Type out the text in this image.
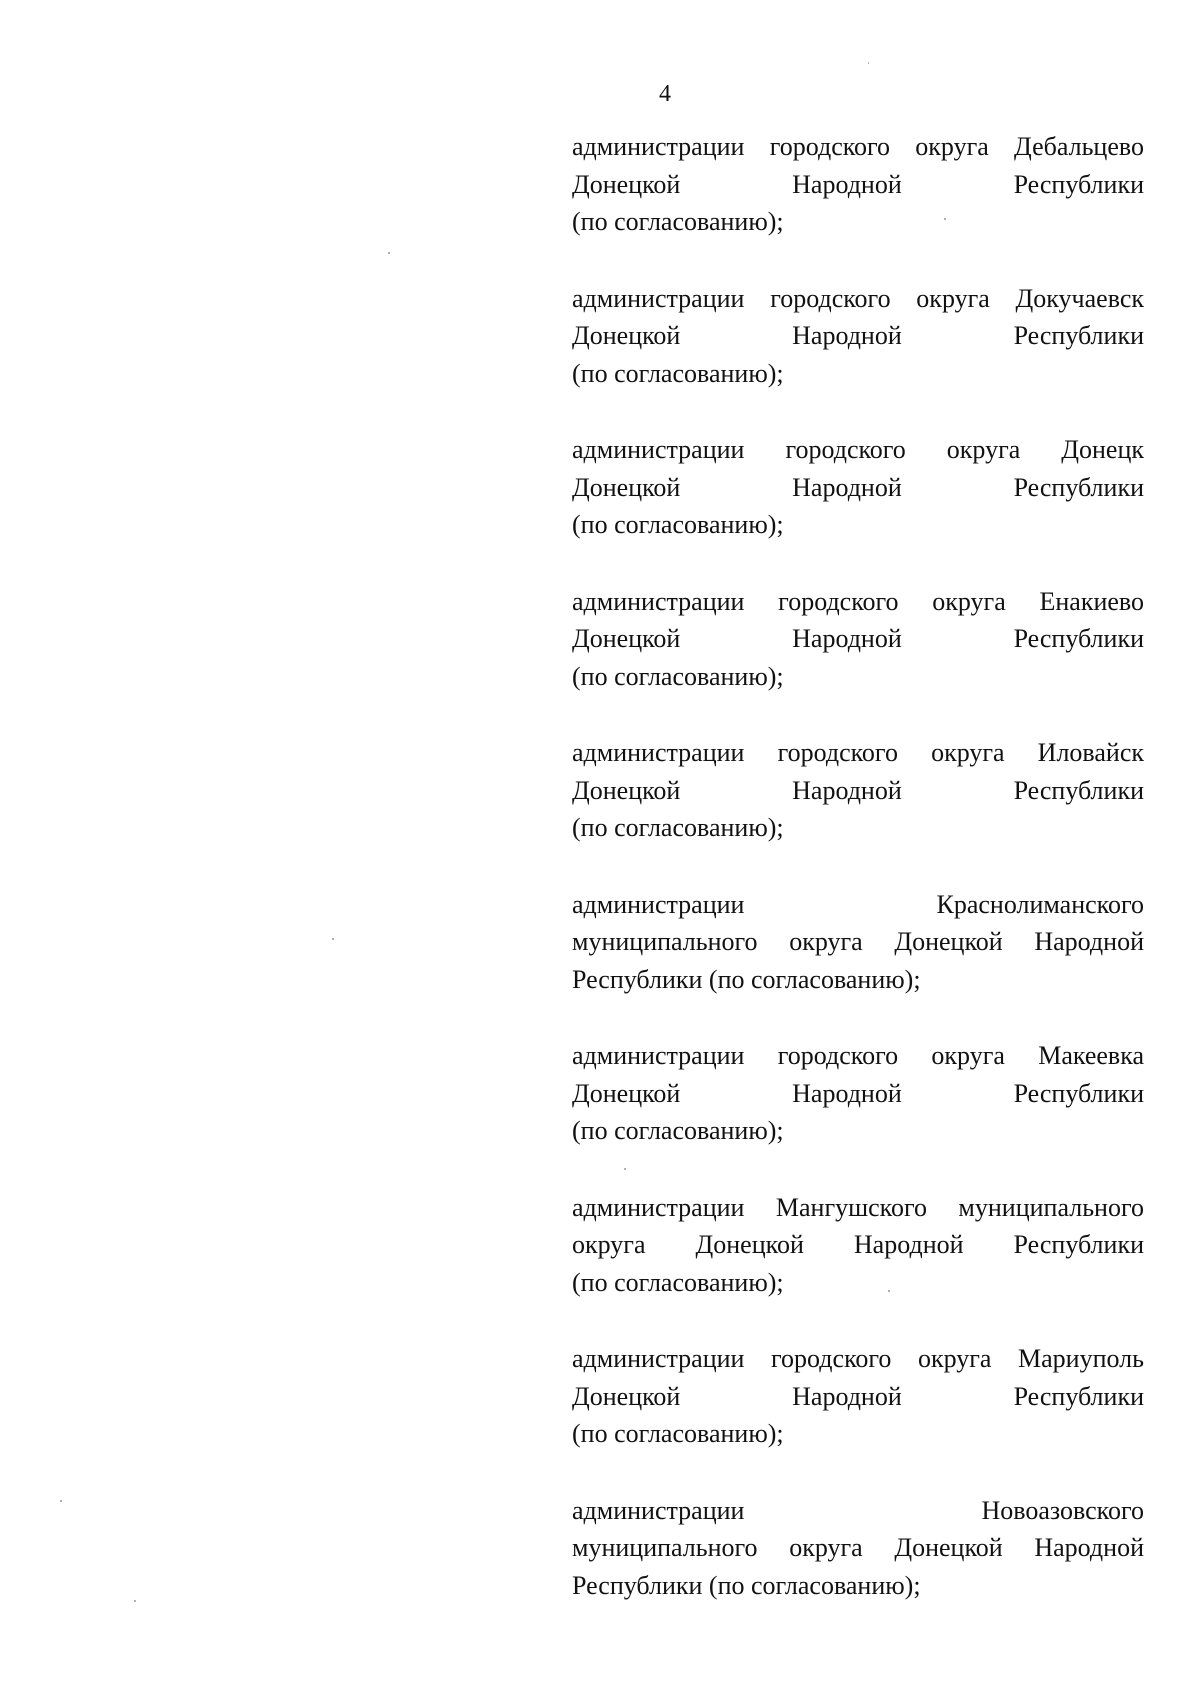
4

администрации городского округа Дебальцево
Донецкой Народной Республики
(по согласованию);

администрации городского округа Докучаевск
Донецкой Народной Республики
(по согласованию);

администрации городского округа Донецк
Донецкой Народной Республики
(по согласованию);

администрации городского округа Енакиево
Донецкой Народной Республики
(по согласованию);

администрации городского округа Иловайск
Донецкой Народной Республики
(по согласованию);

администрации Краснолиманского
муниципального округа Донецкой Народной
Республики (по согласованию);

администрации городского округа Макеевка
Донецкой Народной Республики
(по согласованию);

администрации Мангушского муниципального
округа Донецкой Народной Республики
(по согласованию);

администрации городского округа Мариуполь
Донецкой Народной Республики
(по согласованию);

администрации Новоазовского
муниципального округа Донецкой Народной
Республики (по согласованию);
